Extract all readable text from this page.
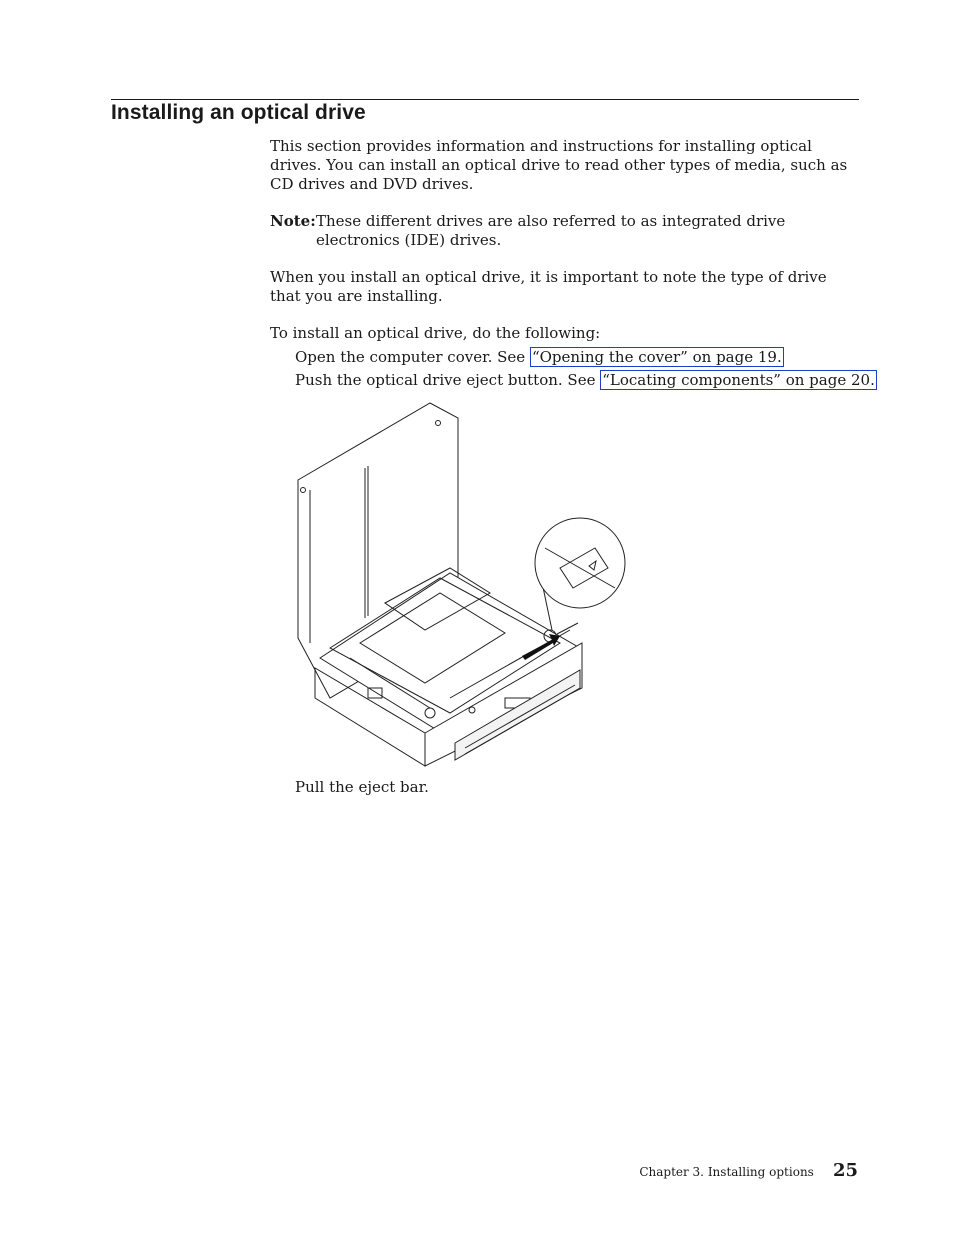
Installing an optical drive

This section provides information and instructions for installing optical drives. You can install an optical drive to read other types of media, such as CD drives and DVD drives.

Note: These different drives are also referred to as integrated drive electronics (IDE) drives.

When you install an optical drive, it is important to note the type of drive that you are installing.

To install an optical drive, do the following:

Open the computer cover. See “Opening the cover” on page 19.

Push the optical drive eject button. See “Locating components” on page 20.

Pull the eject bar.

Chapter 3. Installing options 25
